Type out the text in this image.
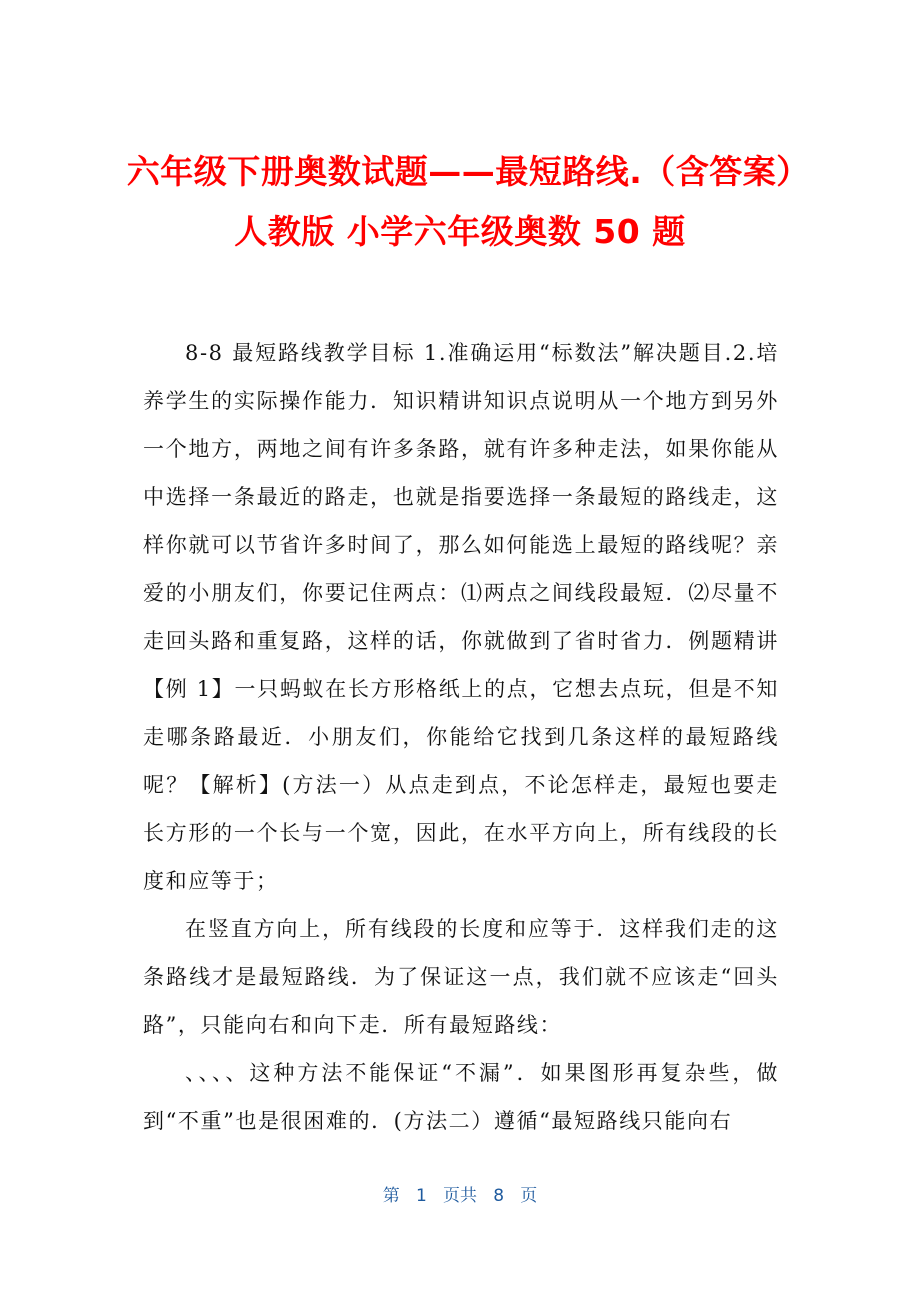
六年级下册奥数试题——最短路线.（含答案）人教版 小学六年级奥数 50 题

8-8 最短路线教学目标 1.准确运用“标数法”解决题目.2.培养学生的实际操作能力．知识精讲知识点说明从一个地方到另外一个地方，两地之间有许多条路，就有许多种走法，如果你能从中选择一条最近的路走，也就是指要选择一条最短的路线走，这样你就可以节省许多时间了，那么如何能选上最短的路线呢？亲爱的小朋友们，你要记住两点：⑴两点之间线段最短．⑵尽量不走回头路和重复路，这样的话，你就做到了省时省力．例题精讲【例 1】一只蚂蚁在长方形格纸上的点，它想去点玩，但是不知走哪条路最近．小朋友们，你能给它找到几条这样的最短路线呢？【解析】(方法一）从点走到点，不论怎样走，最短也要走长方形的一个长与一个宽，因此，在水平方向上，所有线段的长度和应等于；

在竖直方向上，所有线段的长度和应等于．这样我们走的这条路线才是最短路线．为了保证这一点，我们就不应该走“回头路”，只能向右和向下走．所有最短路线：

、、、、这种方法不能保证“不漏”．如果图形再复杂些，做到“不重”也是很困难的．(方法二）遵循“最短路线只能向右

第   1   页共   8   页
